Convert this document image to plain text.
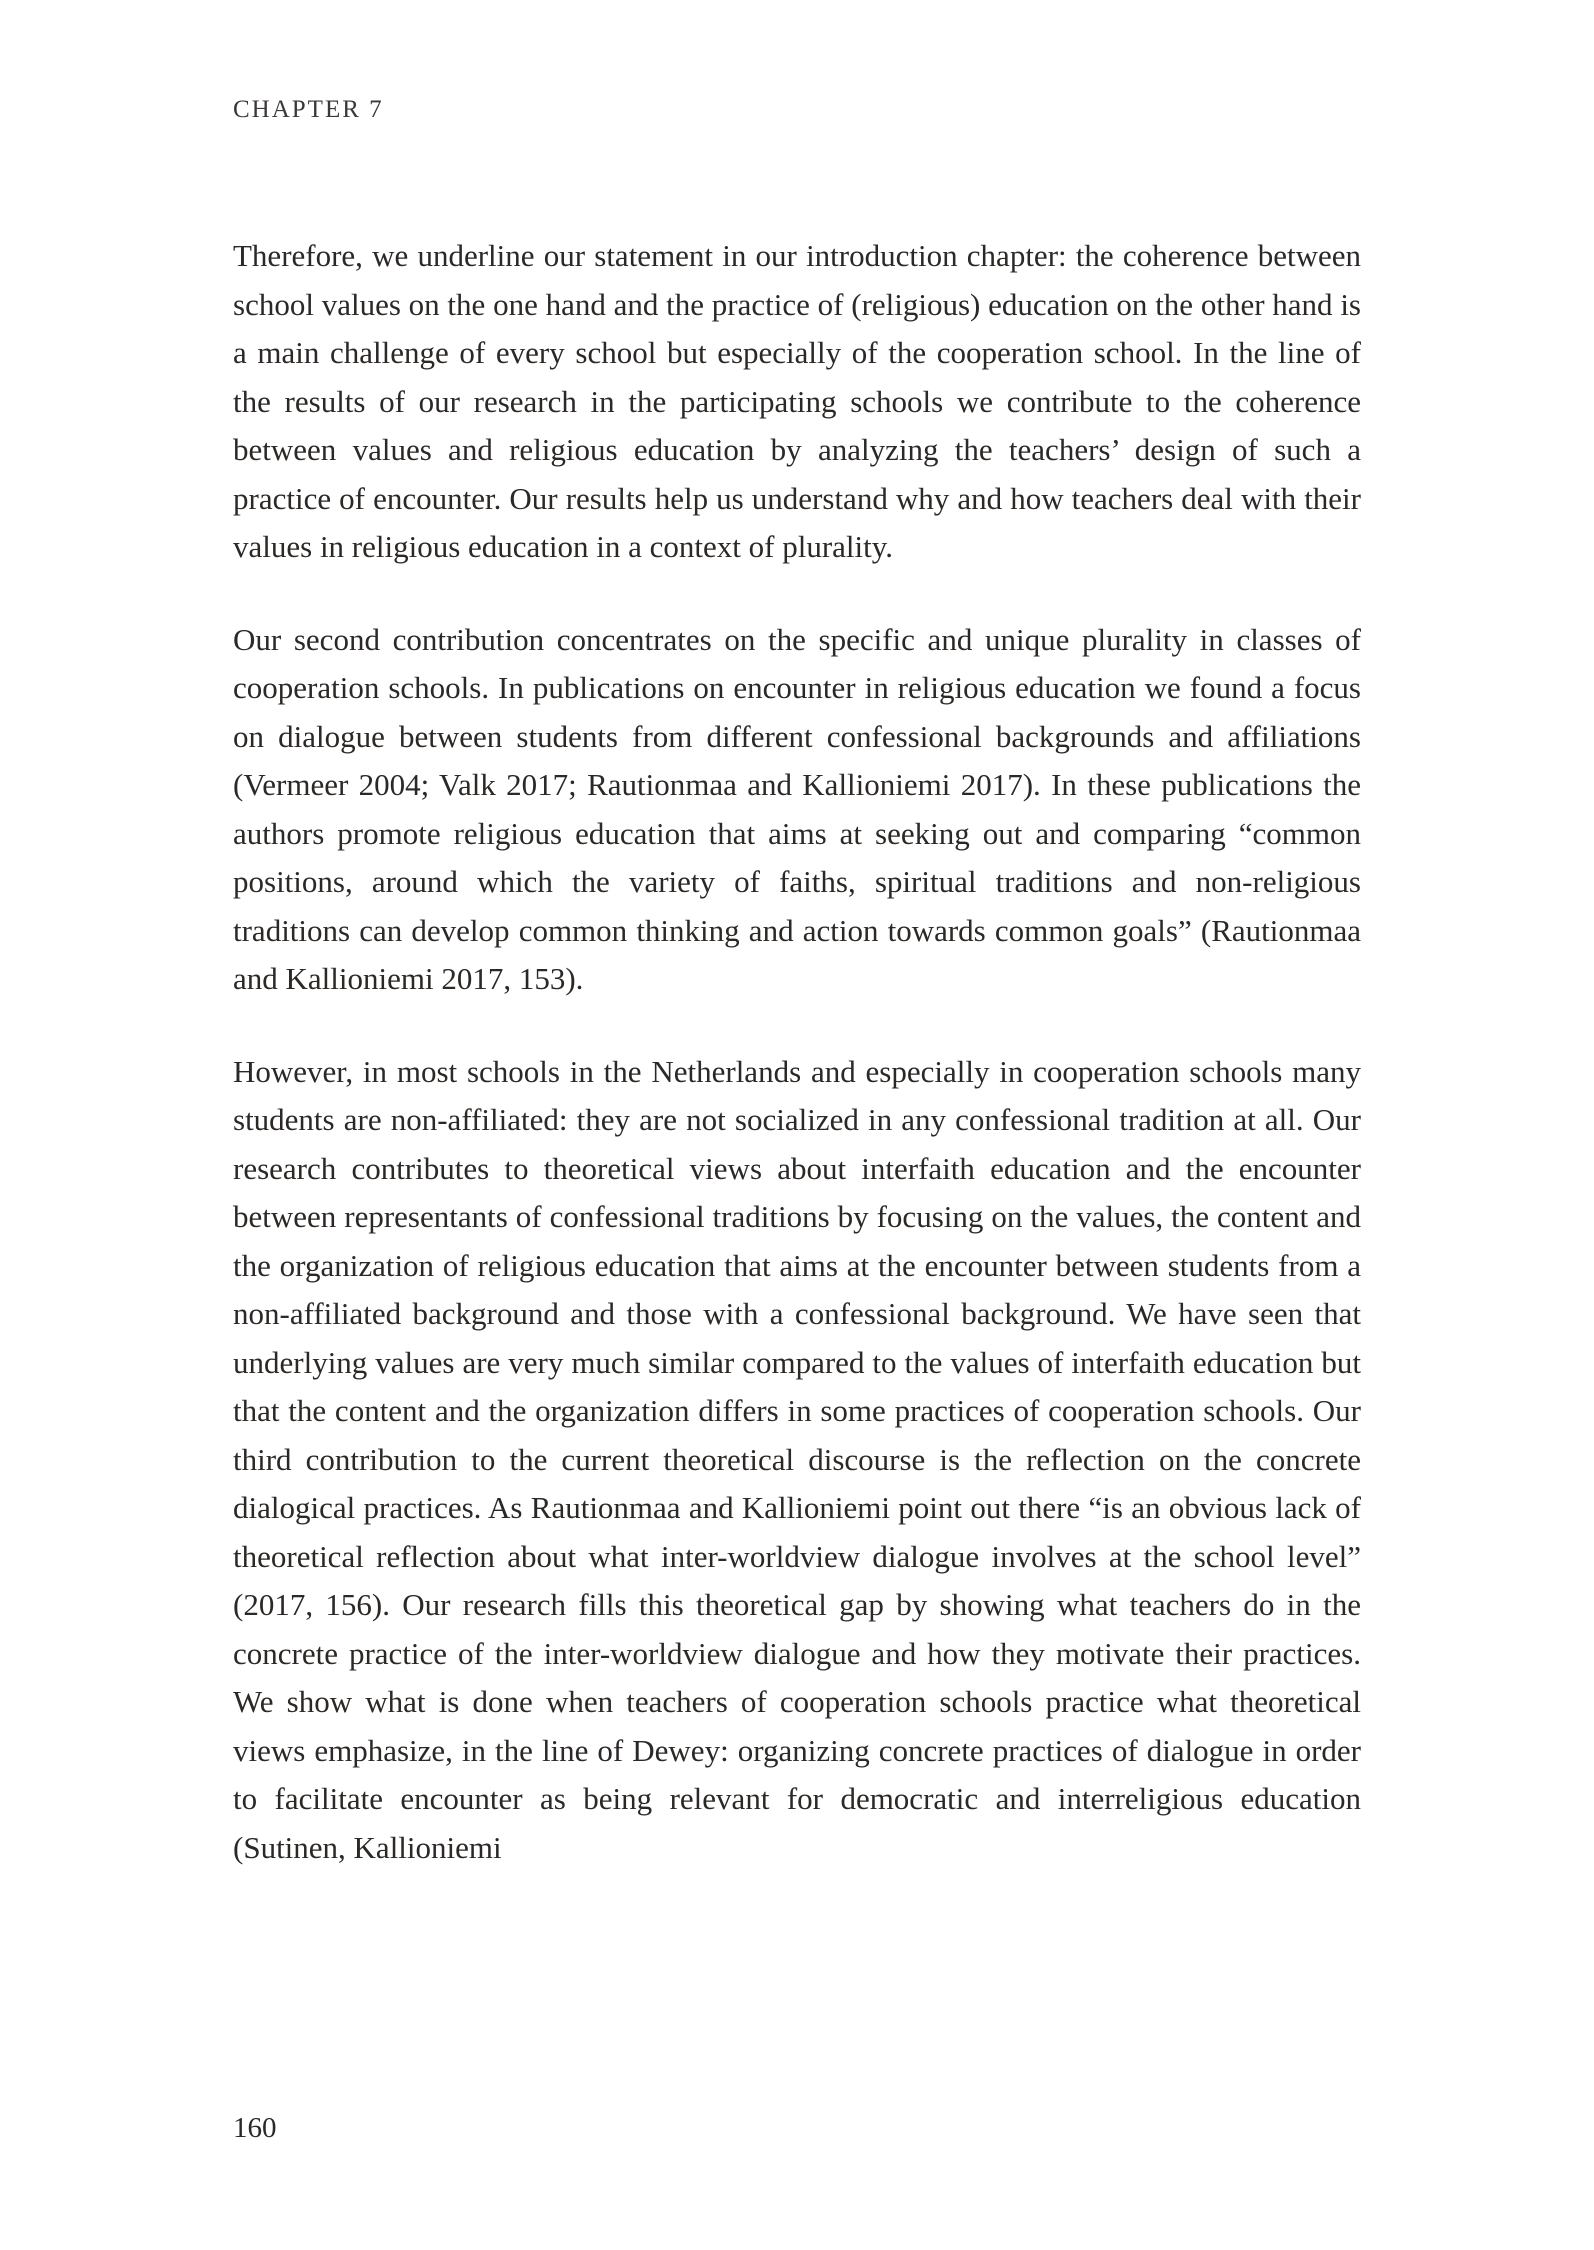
CHAPTER 7

Therefore, we underline our statement in our introduction chapter: the coherence between school values on the one hand and the practice of (religious) education on the other hand is a main challenge of every school but especially of the cooperation school. In the line of the results of our research in the participating schools we contribute to the coherence between values and religious education by analyzing the teachers’ design of such a practice of encounter. Our results help us understand why and how teachers deal with their values in religious education in a context of plurality.

Our second contribution concentrates on the specific and unique plurality in classes of cooperation schools. In publications on encounter in religious education we found a focus on dialogue between students from different confessional backgrounds and affiliations (Vermeer 2004; Valk 2017; Rautionmaa and Kallioniemi 2017). In these publications the authors promote religious education that aims at seeking out and comparing “common positions, around which the variety of faiths, spiritual traditions and non-religious traditions can develop common thinking and action towards common goals” (Rautionmaa and Kallioniemi 2017, 153).

However, in most schools in the Netherlands and especially in cooperation schools many students are non-affiliated: they are not socialized in any confessional tradition at all. Our research contributes to theoretical views about interfaith education and the encounter between representants of confessional traditions by focusing on the values, the content and the organization of religious education that aims at the encounter between students from a non-affiliated background and those with a confessional background. We have seen that underlying values are very much similar compared to the values of interfaith education but that the content and the organization differs in some practices of cooperation schools. Our third contribution to the current theoretical discourse is the reflection on the concrete dialogical practices. As Rautionmaa and Kallioniemi point out there “is an obvious lack of theoretical reflection about what inter-worldview dialogue involves at the school level” (2017, 156). Our research fills this theoretical gap by showing what teachers do in the concrete practice of the inter-worldview dialogue and how they motivate their practices. We show what is done when teachers of cooperation schools practice what theoretical views emphasize, in the line of Dewey: organizing concrete practices of dialogue in order to facilitate encounter as being relevant for democratic and interreligious education (Sutinen, Kallioniemi

160
